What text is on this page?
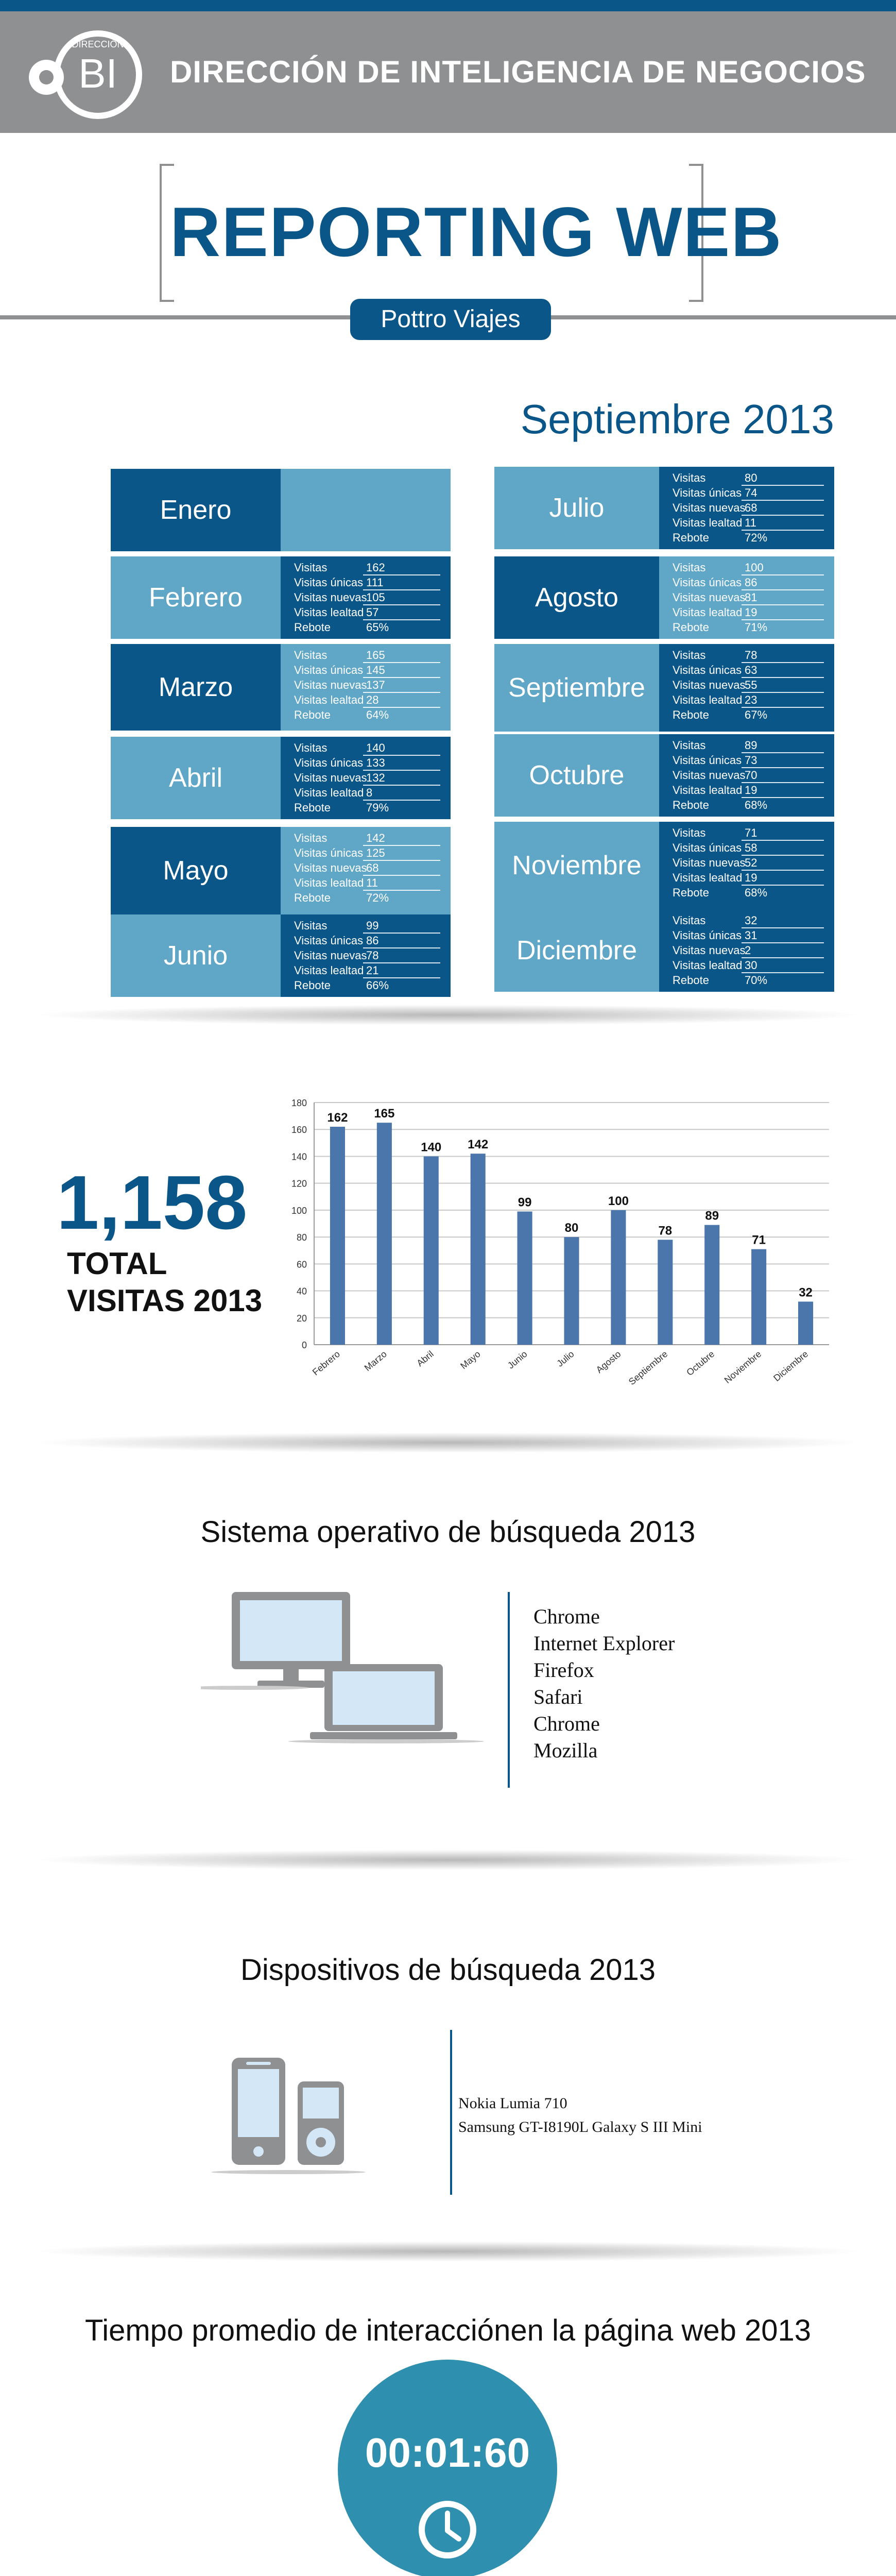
BI
DIRECCIÓN
DIRECCIÓN DE INTELIGENCIA DE NEGOCIOS
REPORTING WEB
Pottro Viajes
Septiembre 2013
1,158
TOTAL
VISITAS 2013
0
20
40
60
80
100
120
140
160
180
162
Febrero
165
Marzo
140
Abril
142
Mayo
99
Junio
80
Julio
100
Agosto
78
Septiembre
89
Octubre
71
Noviembre
32
Diciembre
Sistema operativo de búsqueda 2013
Chrome
Internet Explorer
Firefox
Safari
Chrome
Mozilla
Dispositivos de búsqueda 2013
Nokia Lumia 710
Samsung GT-I8190L Galaxy S III Mini
Tiempo promedio de interacciónen la página web 2013
00:01:60
Enero
Febrero
Visitas	162
Visitas únicas 111
Visitas nuevas
105
Visitas lealtad 57
Rebote	65%
Marzo
Visitas	165
Visitas únicas 145
Visitas nuevas
137
Visitas lealtad 28
Rebote	64%
Abril
Visitas	140
Visitas únicas 133
Visitas nuevas
132
Visitas lealtad 8
Rebote	79%
Mayo
Visitas	142
Visitas únicas 125
Visitas nuevas
68
Visitas lealtad 11
Rebote	72%
Junio
Visitas	99
Visitas únicas 86
Visitas nuevas
78
Visitas lealtad 21
Rebote	66%
Julio
Visitas	80
Visitas únicas 74
Visitas nuevas
68
Visitas lealtad 11
Rebote	72%
Agosto
Visitas	100
Visitas únicas 86
Visitas nuevas
81
Visitas lealtad 19
Rebote	71%
Septiembre
Visitas	78
Visitas únicas 63
Visitas nuevas
55
Visitas lealtad 23
Rebote	67%
Octubre
Visitas	89
Visitas únicas 73
Visitas nuevas
70
Visitas lealtad 19
Rebote	68%
Noviembre
Visitas	71
Visitas únicas 58
Visitas nuevas
52
Visitas lealtad 19
Rebote	68%
Diciembre
Visitas	32
Visitas únicas 31
Visitas nuevas
2
Visitas lealtad 30
Rebote	70%
